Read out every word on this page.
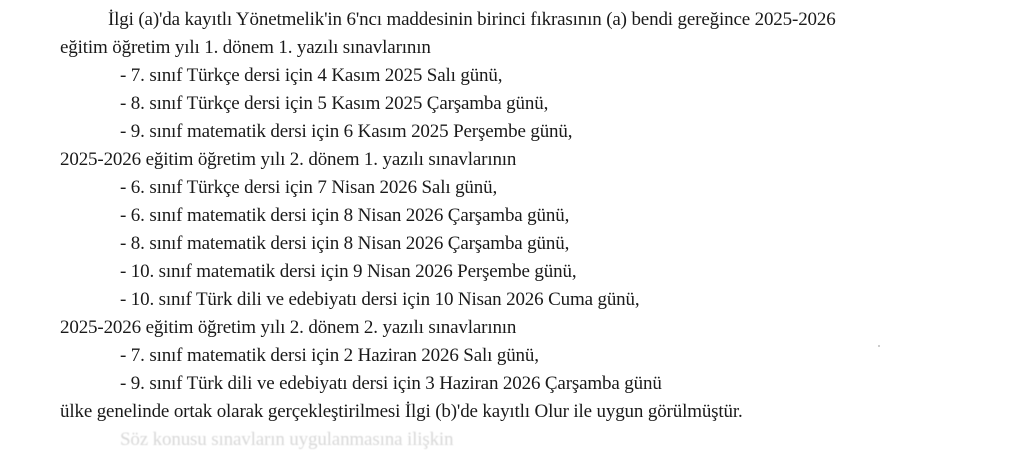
İlgi (a)'da kayıtlı Yönetmelik'in 6'ncı maddesinin birinci fıkrasının (a) bendi gereğince 2025-2026
eğitim öğretim yılı 1. dönem 1. yazılı sınavlarının
- 7. sınıf Türkçe dersi için 4 Kasım 2025 Salı günü,
- 8. sınıf Türkçe dersi için 5 Kasım 2025 Çarşamba günü,
- 9. sınıf matematik dersi için 6 Kasım 2025 Perşembe günü,
2025-2026 eğitim öğretim yılı 2. dönem 1. yazılı sınavlarının
- 6. sınıf Türkçe dersi için 7 Nisan 2026 Salı günü,
- 6. sınıf matematik dersi için 8 Nisan 2026 Çarşamba günü,
- 8. sınıf matematik dersi için 8 Nisan 2026 Çarşamba günü,
- 10. sınıf matematik dersi için 9 Nisan 2026 Perşembe günü,
- 10. sınıf Türk dili ve edebiyatı dersi için 10 Nisan 2026 Cuma günü,
2025-2026 eğitim öğretim yılı 2. dönem 2. yazılı sınavlarının
- 7. sınıf matematik dersi için 2 Haziran 2026 Salı günü,
- 9. sınıf Türk dili ve edebiyatı dersi için 3 Haziran 2026 Çarşamba günü
ülke genelinde ortak olarak gerçekleştirilmesi İlgi (b)'de kayıtlı Olur ile uygun görülmüştür.
Söz konusu sınavların uygulanmasına ilişkin
